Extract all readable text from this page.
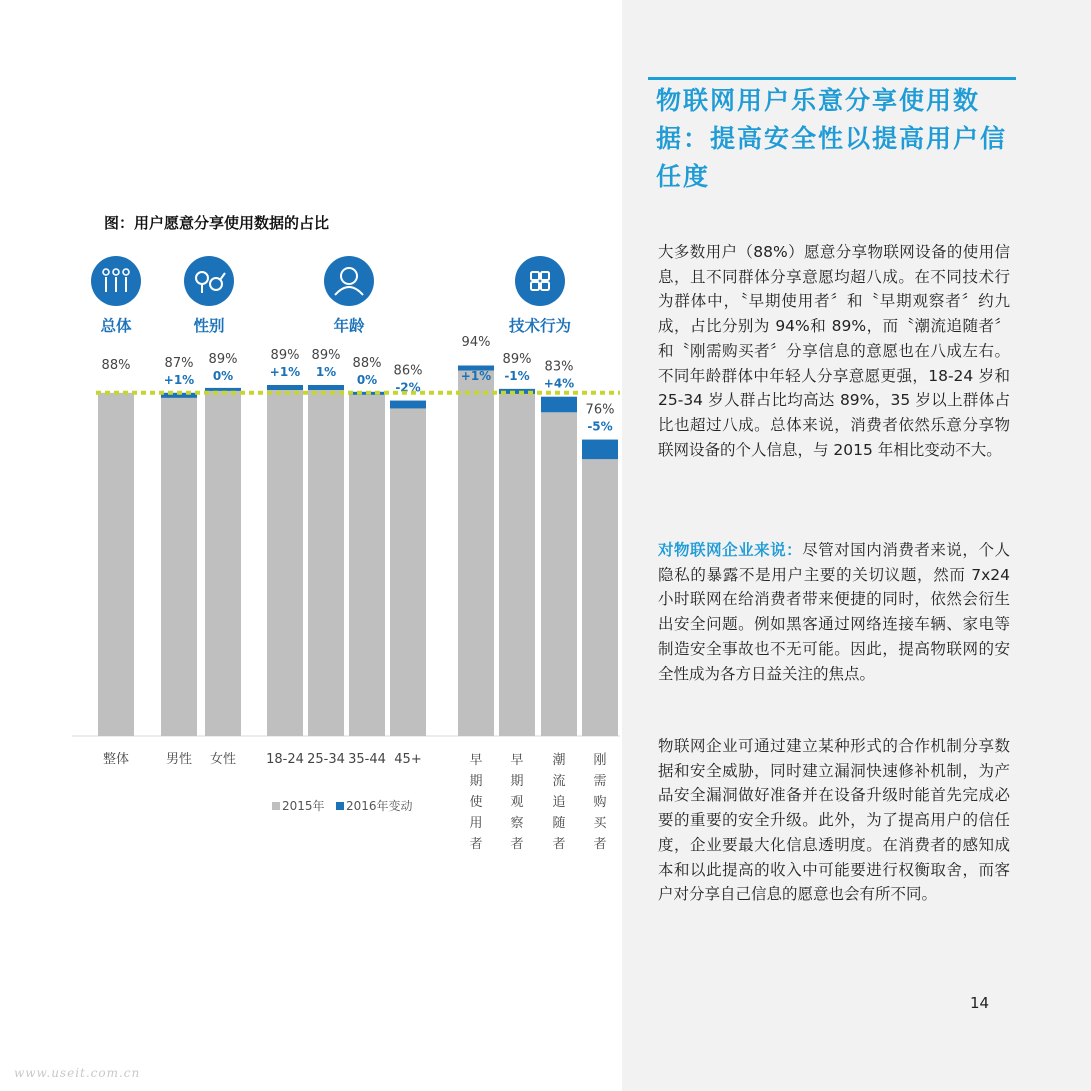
物联网用户乐意分享使用数据：提高安全性以提高用户信任度

大多数用户（88%）愿意分享物联网设备的使用信息，且不同群体分享意愿均超八成。在不同技术行为群体中，〝早期使用者〞和〝早期观察者〞约九成，占比分别为 94%和 89%，而〝潮流追随者〞和〝刚需购买者〞分享信息的意愿也在八成左右。不同年龄群体中年轻人分享意愿更强，18-24 岁和 25-34 岁人群占比均高达 89%，35 岁以上群体占比也超过八成。总体来说，消费者依然乐意分享物联网设备的个人信息，与 2015 年相比变动不大。

对物联网企业来说：尽管对国内消费者来说，个人隐私的暴露不是用户主要的关切议题，然而 7x24 小时联网在给消费者带来便捷的同时，依然会衍生出安全问题。例如黑客通过网络连接车辆、家电等制造安全事故也不无可能。因此，提高物联网的安全性成为各方日益关注的焦点。

物联网企业可通过建立某种形式的合作机制分享数据和安全威胁，同时建立漏洞快速修补机制，为产品安全漏洞做好准备并在设备升级时能首先完成必要的重要的安全升级。此外，为了提高用户的信任度，企业要最大化信息透明度。在消费者的感知成本和以此提高的收入中可能要进行权衡取舍，而客户对分享自己信息的愿意也会有所不同。

14
www.useit.com.cn
图：用户愿意分享使用数据的占比
总体
88%
整体
性别
87%
+1%
男性
89%
0%
女性
年龄
89%
+1%
18-24
89%
1%
25-34
88%
0%
35-44
86%
-2%
45+
技术行为
94%
+1%
早
期
使
用
者
89%
-1%
早
期
观
察
者
83%
+4%
潮
流
追
随
者
76%
-5%
刚
需
购
买
者
2015年 2016年变动
